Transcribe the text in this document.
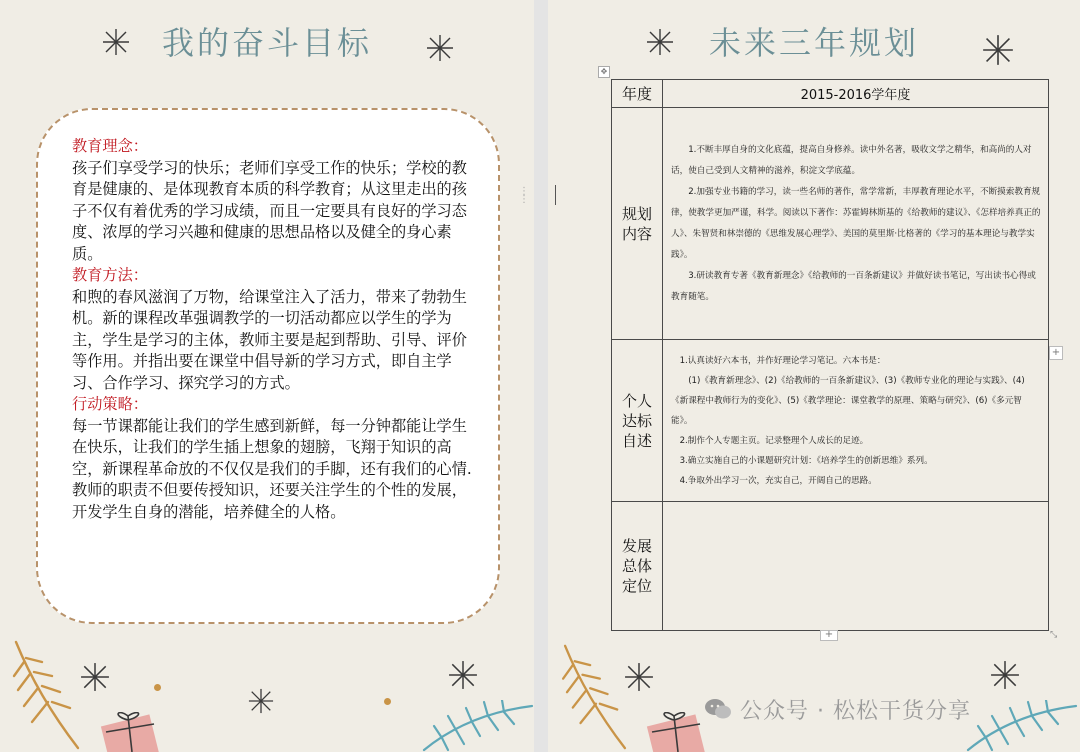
我的奋斗目标
教育理念：
孩子们享受学习的快乐；老师们享受工作的快乐；学校的教育是健康的、是体现教育本质的科学教育；从这里走出的孩子不仅有着优秀的学习成绩，而且一定要具有良好的学习态度、浓厚的学习兴趣和健康的思想品格以及健全的身心素质。
教育方法：
和煦的春风滋润了万物，给课堂注入了活力，带来了勃勃生机。新的课程改革强调教学的一切活动都应以学生的学为主，学生是学习的主体，教师主要是起到帮助、引导、评价等作用。并指出要在课堂中倡导新的学习方式，即自主学习、合作学习、探究学习的方式。
行动策略：
每一节课都能让我们的学生感到新鲜，每一分钟都能让学生在快乐，让我们的学生插上想象的翅膀，飞翔于知识的高空，新课程革命放的不仅仅是我们的手脚，还有我们的心情.教师的职责不但要传授知识，还要关注学生的个性的发展，开发学生自身的潜能，培养健全的人格。
⋮
⋮
未来三年规划
年度	2015-2016学年度
规划内容	1.不断丰厚自身的文化底蕴，提高自身修养。读中外名著，吸收文学之精华，和高尚的人对话，使自己受到人文精神的滋养，积淀文学底蕴。

2.加强专业书籍的学习，读一些名师的著作，常学常新，丰厚教育理论水平，不断摸索教育规律，使教学更加严谨，科学。阅读以下著作：苏霍姆林斯基的《给教师的建议》、《怎样培养真正的人》、朱智贤和林崇德的《思维发展心理学》、美国的莫里斯·比格著的《学习的基本理论与教学实践》。

3.研读教育专著《教育新理念》《给教师的一百条新建议》并做好读书笔记，写出读书心得或教育随笔。

个人达标自述	1.认真读好六本书，并作好理论学习笔记。六本书是：

(1)《教育新理念》、(2)《给教师的一百条新建议》、(3)《教师专业化的理论与实践》、(4)《新课程中教师行为的变化》、(5)《教学理论：课堂教学的原理、策略与研究》、(6)《多元智能》。

2.制作个人专题主页。记录整理个人成长的足迹。

3.确立实施自己的小课题研究计划：《培养学生的创新思维》系列。

4.争取外出学习一次，充实自己，开阔自己的思路。

发展总体定位	
✥
+
+	⤡
公众号 · 松松干货分享
